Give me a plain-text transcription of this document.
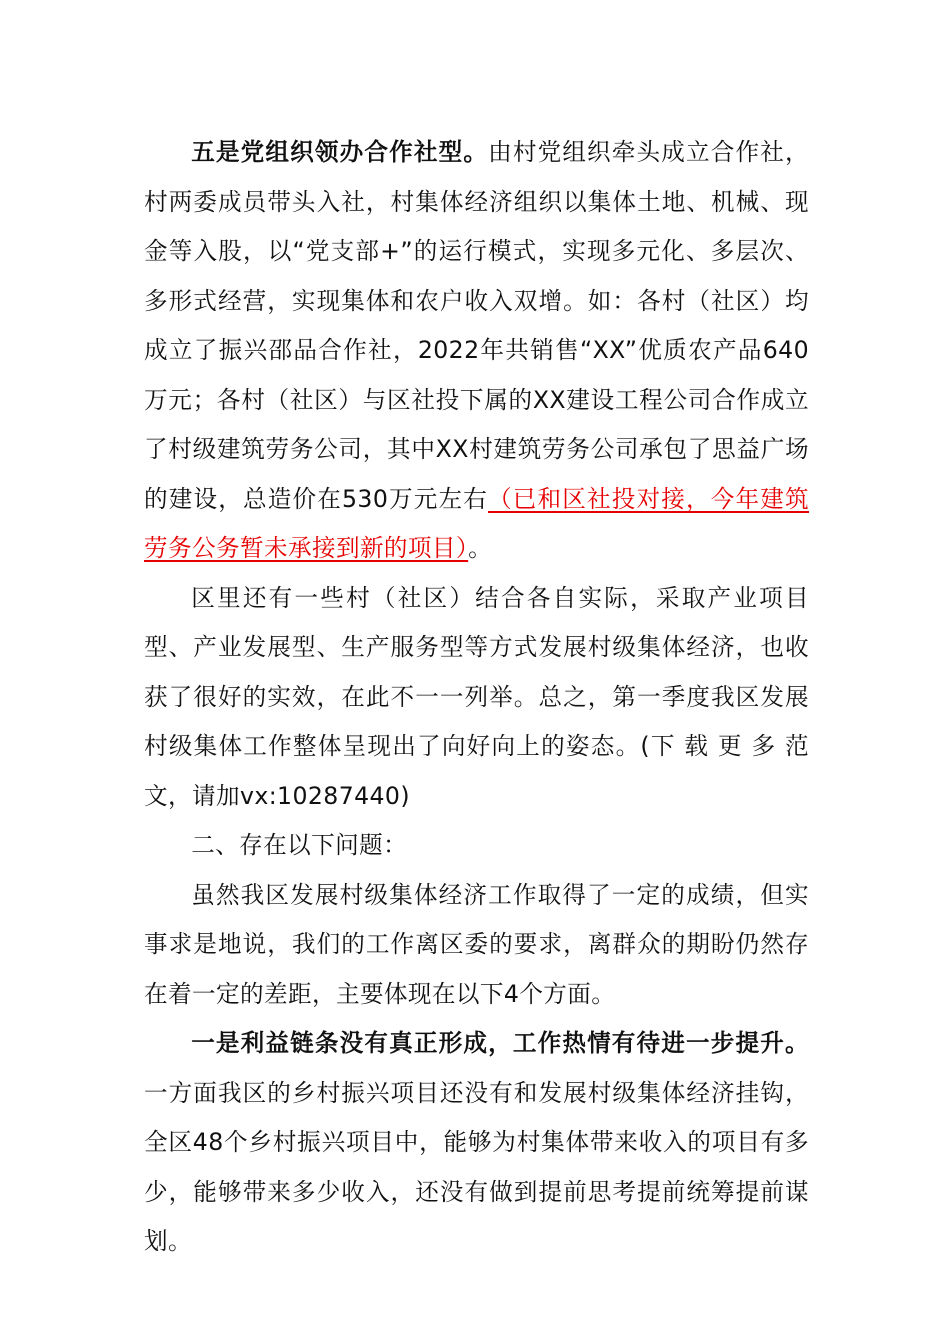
五是党组织领办合作社型。由村党组织牵头成立合作社，村两委成员带头入社，村集体经济组织以集体土地、机械、现金等入股，以“党支部+”的运行模式，实现多元化、多层次、多形式经营，实现集体和农户收入双增。如：各村（社区）均成立了振兴邵品合作社，2022年共销售“XX”优质农产品640万元；各村（社区）与区社投下属的XX建设工程公司合作成立了村级建筑劳务公司，其中XX村建筑劳务公司承包了思益广场的建设，总造价在530万元左右（已和区社投对接，今年建筑劳务公务暂未承接到新的项目）。

区里还有一些村（社区）结合各自实际，采取产业项目型、产业发展型、生产服务型等方式发展村级集体经济，也收获了很好的实效，在此不一一列举。总之，第一季度我区发展村级集体工作整体呈现出了向好向上的姿态。(下 载 更 多 范文，请加vx:10287440)

二、存在以下问题：

虽然我区发展村级集体经济工作取得了一定的成绩，但实事求是地说，我们的工作离区委的要求，离群众的期盼仍然存在着一定的差距，主要体现在以下4个方面。

一是利益链条没有真正形成，工作热情有待进一步提升。一方面我区的乡村振兴项目还没有和发展村级集体经济挂钩，全区48个乡村振兴项目中，能够为村集体带来收入的项目有多少，能够带来多少收入，还没有做到提前思考提前统筹提前谋划。
